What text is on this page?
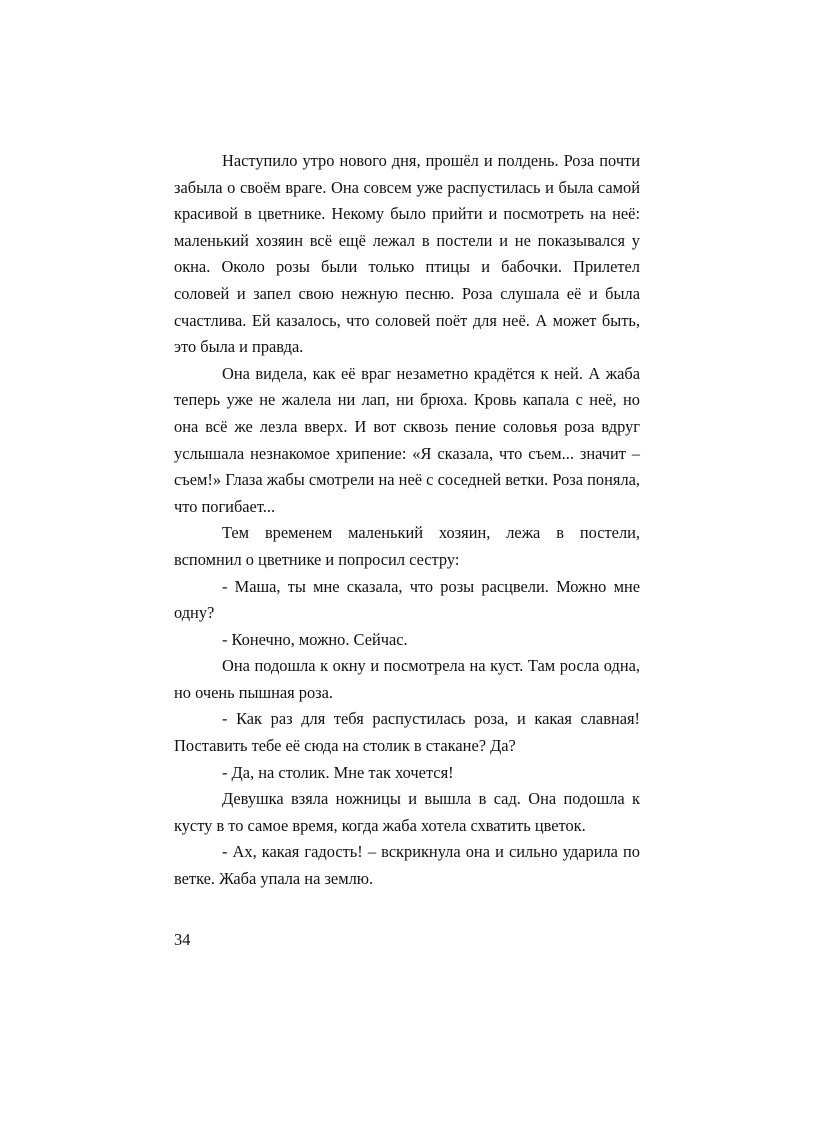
Наступило утро нового дня, прошёл и полдень. Роза почти забыла о своём враге. Она совсем уже распустилась и была самой красивой в цветнике. Некому было прийти и посмотреть на неё: маленький хозяин всё ещё лежал в постели и не показывался у окна. Около розы были только птицы и бабочки. Прилетел соловей и запел свою нежную песню. Роза слушала её и была счастлива. Ей казалось, что соловей поёт для неё. А может быть, это была и правда.

Она видела, как её враг незаметно крадётся к ней. А жаба теперь уже не жалела ни лап, ни брюха. Кровь капала с неё, но она всё же лезла вверх. И вот сквозь пение соловья роза вдруг услышала незнакомое хрипение: «Я сказала, что съем... значит – съем!» Глаза жабы смотрели на неё с соседней ветки. Роза поняла, что погибает...

Тем временем маленький хозяин, лежа в постели, вспомнил о цветнике и попросил сестру:

- Маша, ты мне сказала, что розы расцвели. Можно мне одну?

- Конечно, можно. Сейчас.

Она подошла к окну и посмотрела на куст. Там росла одна, но очень пышная роза.

- Как раз для тебя распустилась роза, и какая славная! Поставить тебе её сюда на столик в стакане? Да?

- Да, на столик. Мне так хочется!

Девушка взяла ножницы и вышла в сад. Она подошла к кусту в то самое время, когда жаба хотела схватить цветок.

- Ах, какая гадость! – вскрикнула она и сильно ударила по ветке. Жаба упала на землю.

34
